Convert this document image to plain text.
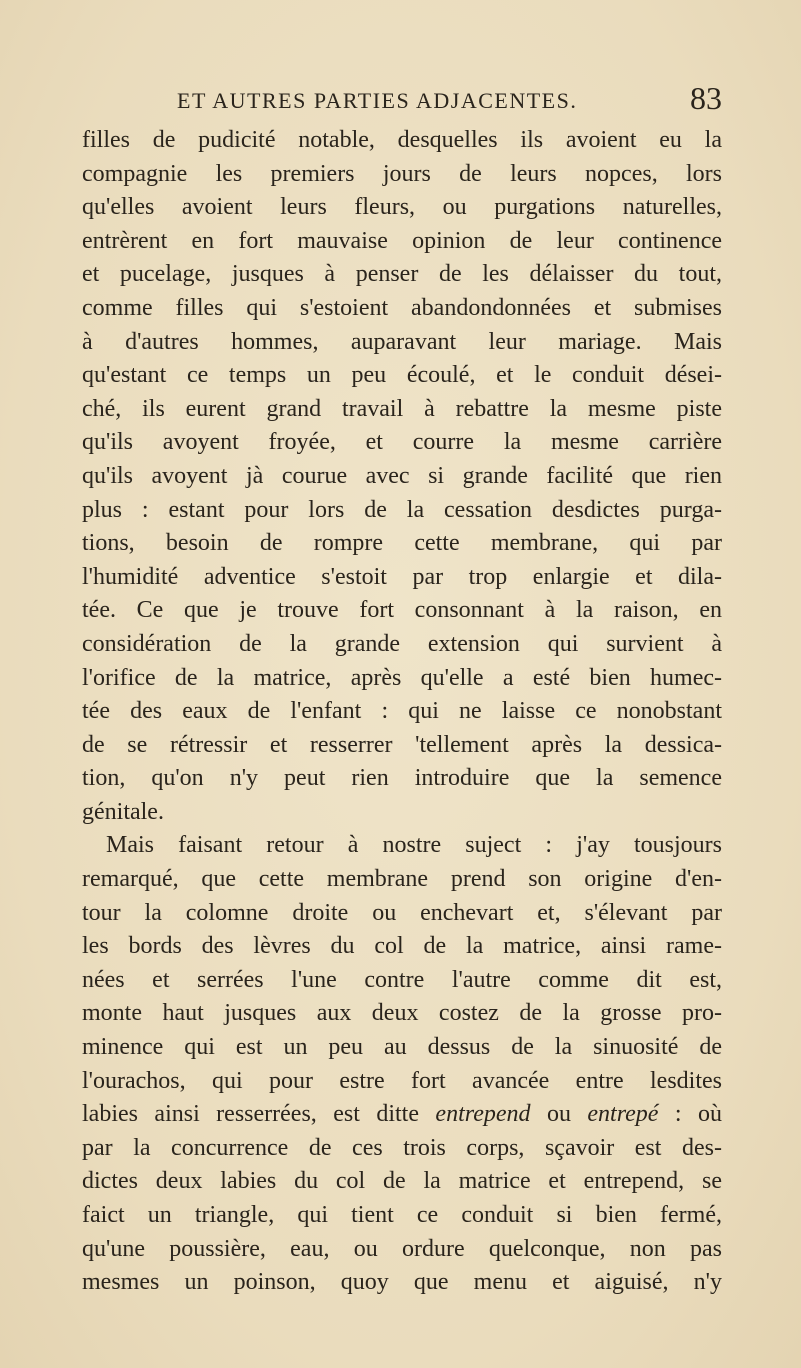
ET AUTRES PARTIES ADJACENTES.	83
filles de pudicité notable, desquelles ils avoient eu la
compagnie les premiers jours de leurs nopces, lors
qu'elles avoient leurs fleurs, ou purgations naturelles,
entrèrent en fort mauvaise opinion de leur continence
et pucelage, jusques à penser de les délaisser du tout,
comme filles qui s'estoient abandondonnées et submises
à d'autres hommes, auparavant leur mariage. Mais
qu'estant ce temps un peu écoulé, et le conduit dései-
ché, ils eurent grand travail à rebattre la mesme piste
qu'ils avoyent froyée, et courre la mesme carrière
qu'ils avoyent jà courue avec si grande facilité que rien
plus : estant pour lors de la cessation desdictes purga-
tions, besoin de rompre cette membrane, qui par
l'humidité adventice s'estoit par trop enlargie et dila-
tée. Ce que je trouve fort consonnant à la raison, en
considération de la grande extension qui survient à
l'orifice de la matrice, après qu'elle a esté bien humec-
tée des eaux de l'enfant : qui ne laisse ce nonobstant
de se rétressir et resserrer 'tellement après la dessica-
tion, qu'on n'y peut rien introduire que la semence
génitale.
Mais faisant retour à nostre suject : j'ay tousjours
remarqué, que cette membrane prend son origine d'en-
tour la colomne droite ou enchevart et, s'élevant par
les bords des lèvres du col de la matrice, ainsi rame-
nées et serrées l'une contre l'autre comme dit est,
monte haut jusques aux deux costez de la grosse pro-
minence qui est un peu au dessus de la sinuosité de
l'ourachos, qui pour estre fort avancée entre lesdites
labies ainsi resserrées, est ditte entrepend ou entrepé : où
par la concurrence de ces trois corps, sçavoir est des-
dictes deux labies du col de la matrice et entrepend, se
faict un triangle, qui tient ce conduit si bien fermé,
qu'une poussière, eau, ou ordure quelconque, non pas
mesmes un poinson, quoy que menu et aiguisé, n'y
